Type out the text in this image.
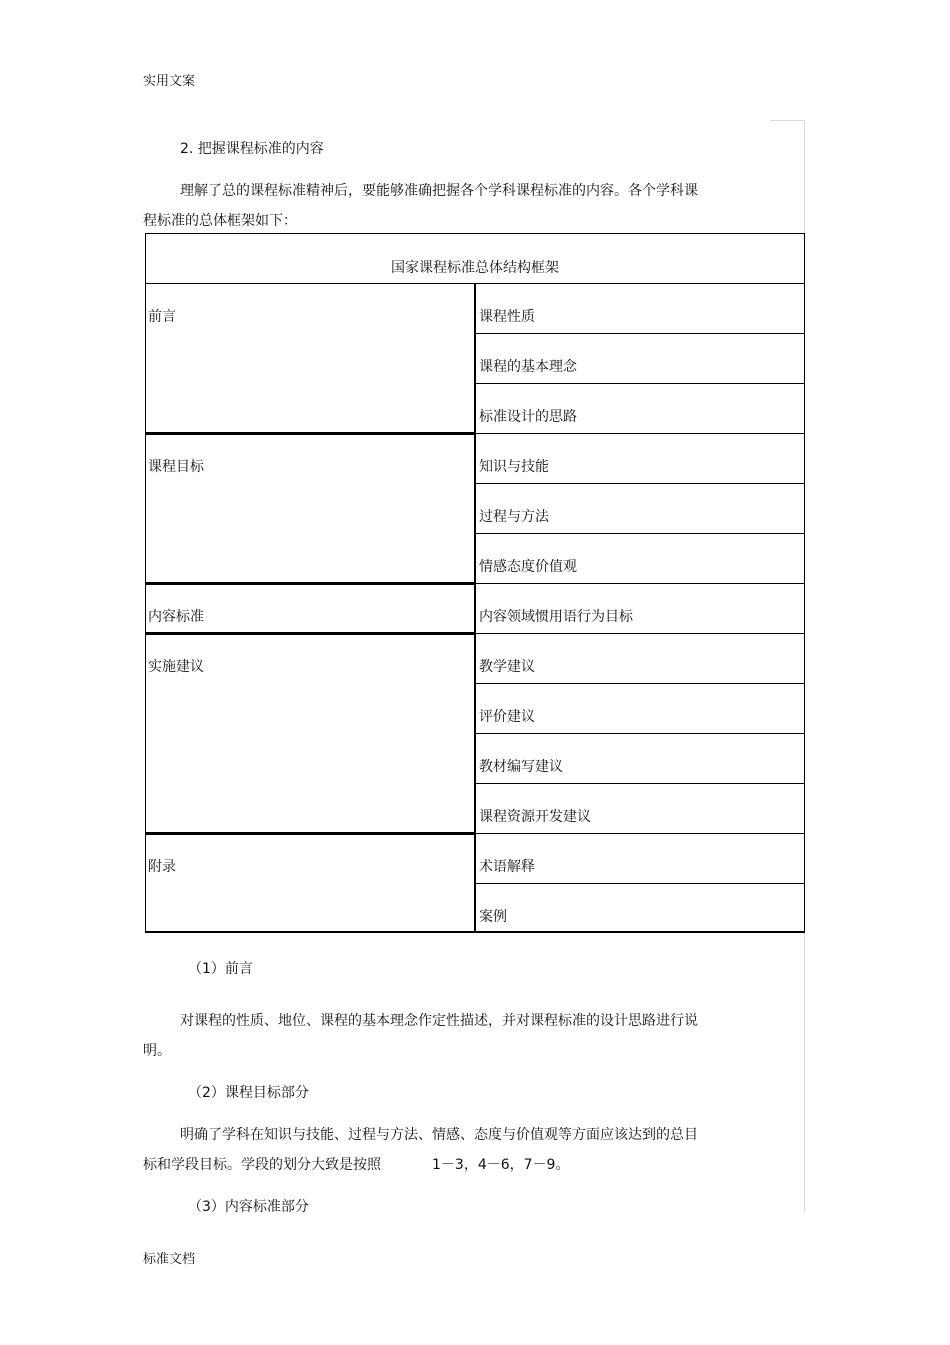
实用文案
2. 把握课程标准的内容
理解了总的课程标准精神后，要能够准确把握各个学科课程标准的内容。各个学科课
程标准的总体框架如下：
国家课程标准总体结构框架
前言	课程性质
课程的基本理念
标准设计的思路
课程目标	知识与技能
过程与方法
情感态度价值观
内容标准	内容领域惯用语行为目标
实施建议	教学建议
评价建议
教材编写建议
课程资源开发建议
附录	术语解释
案例
（1）前言
对课程的性质、地位、课程的基本理念作定性描述，并对课程标准的设计思路进行说
明。
（2）课程目标部分
明确了学科在知识与技能、过程与方法、情感、态度与价值观等方面应该达到的总目
标和学段目标。学段的划分大致是按照	1－3，4－6，7－9。
（3）内容标准部分
标准文档
